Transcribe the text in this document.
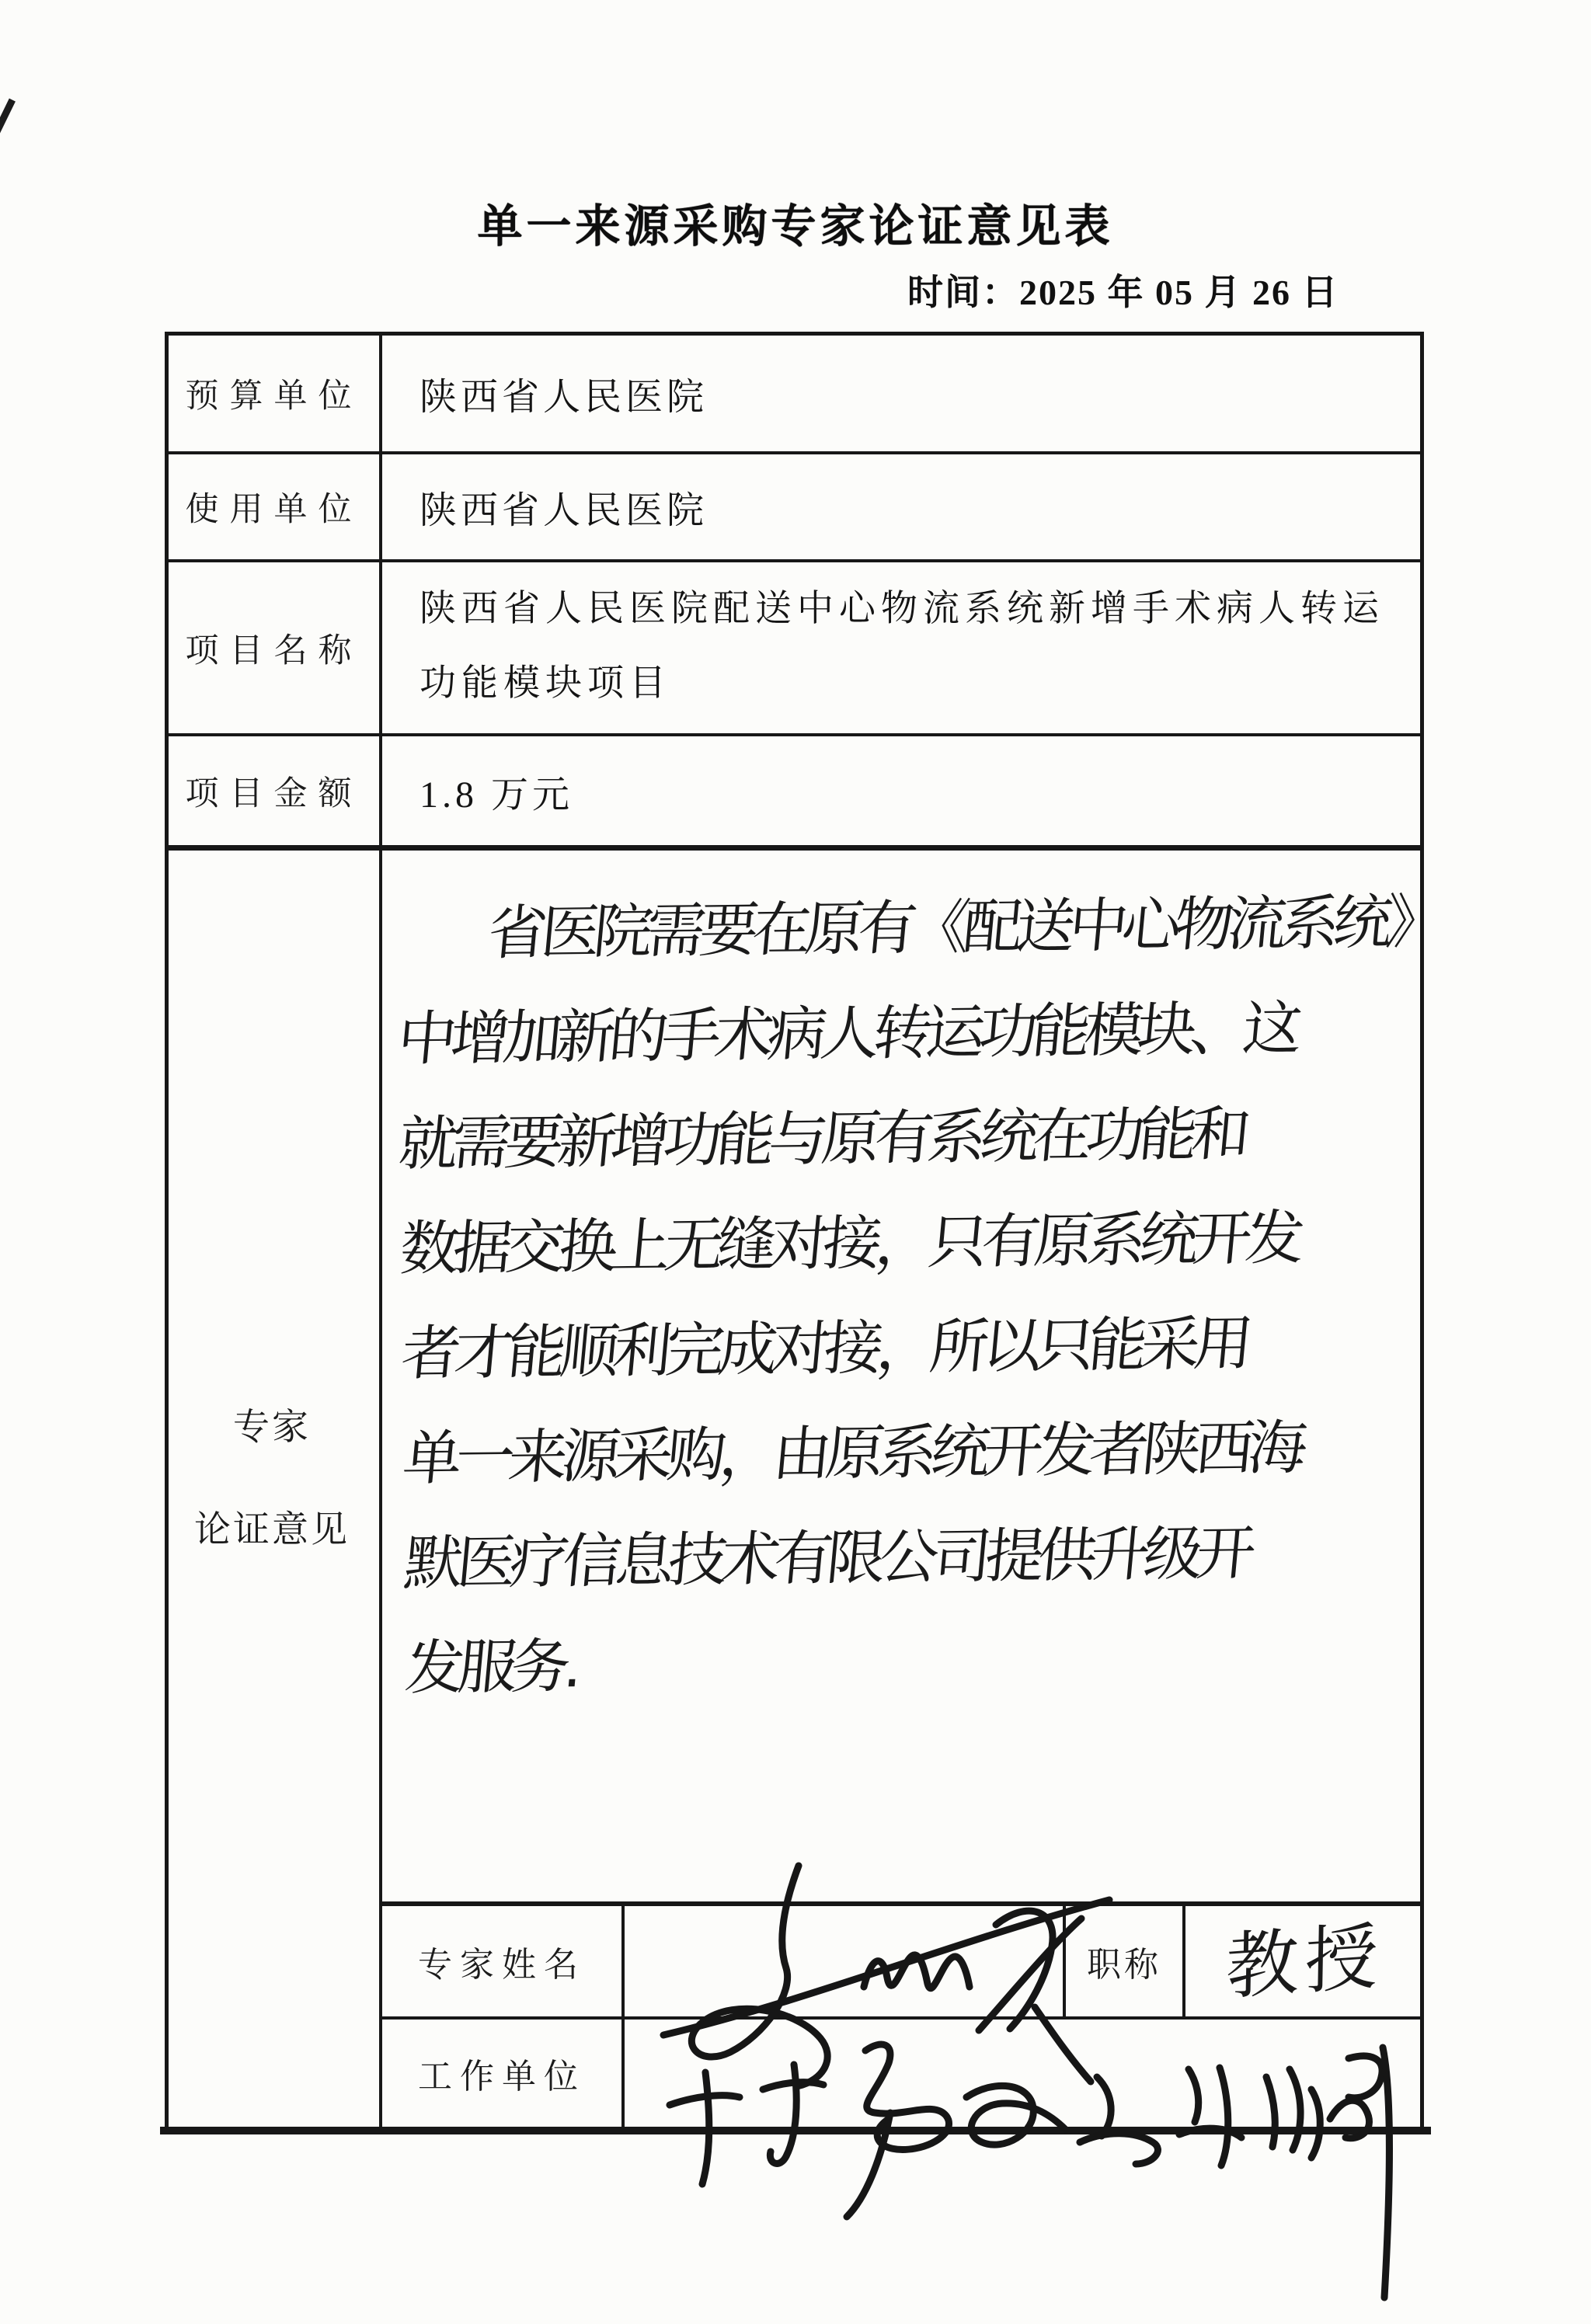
单一来源采购专家论证意见表
时间：2025 年 05 月 26 日
预算单位 陕西省人民医院
使用单位 陕西省人民医院
项目名称
陕西省人民医院配送中心物流系统新增手术病人转运功能模块项目
项目金额 1.8 万元
专家
论证意见
省医院需要在原有《配送中心物流系统》
中增加新的手术病人转运功能模块、这
就需要新增功能与原有系统在功能和
数据交换上无缝对接，只有原系统开发
者才能顺利完成对接，所以只能采用
单一来源采购，由原系统开发者陕西海
默医疗信息技术有限公司提供升级开
发服务.
专家姓名	职称 教授
工作单位
